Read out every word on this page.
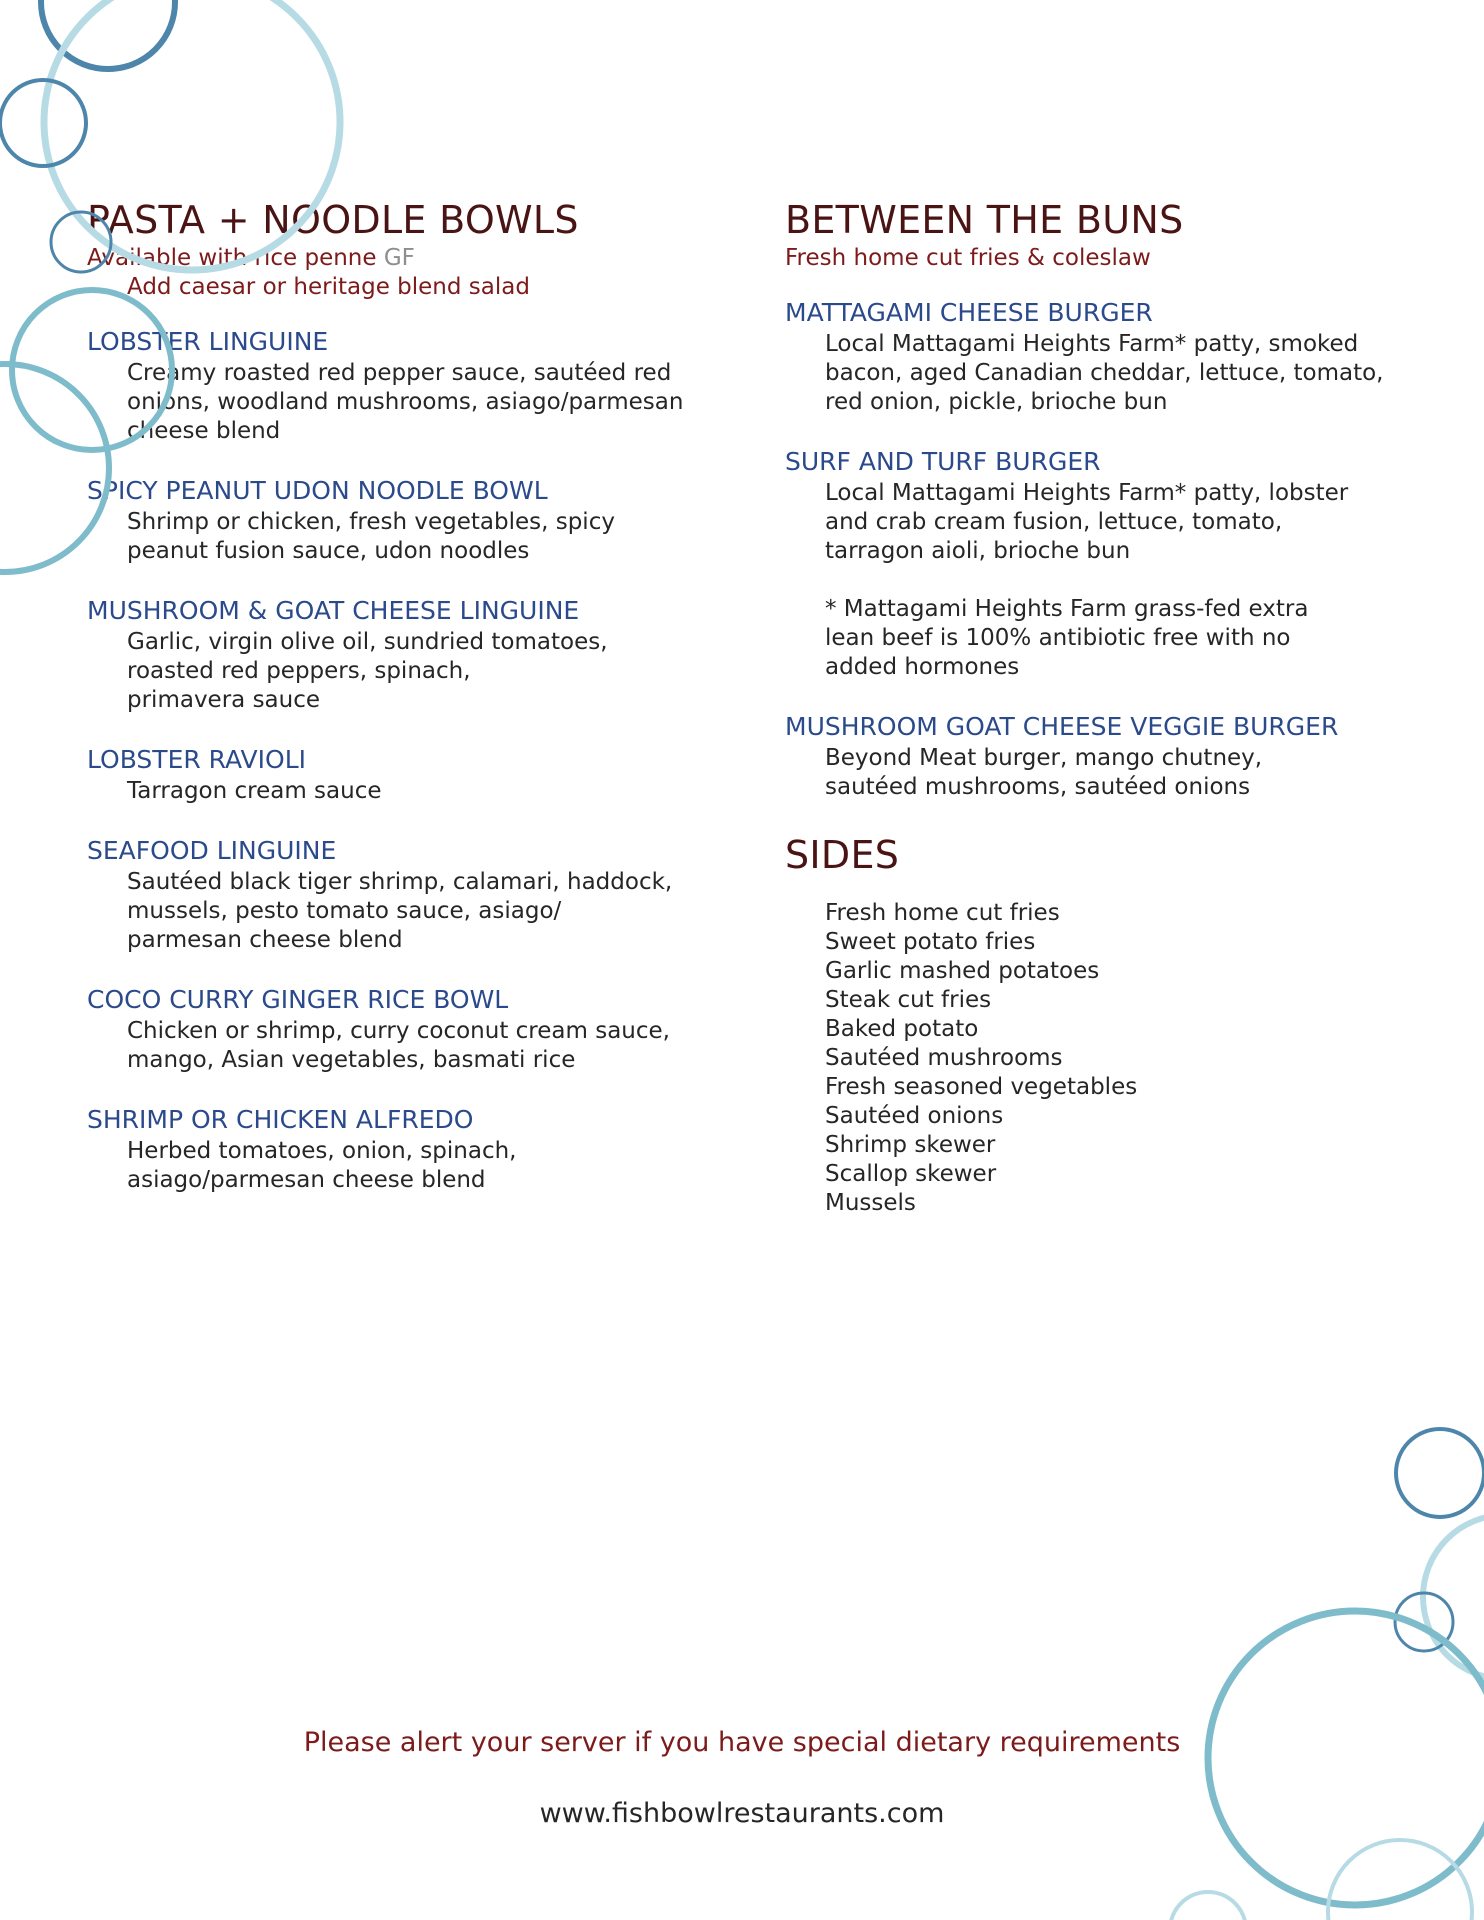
PASTA + NOODLE BOWLS

Available with rice penne GF

Add caesar or heritage blend salad

LOBSTER LINGUINE

Creamy roasted red pepper sauce, sautéed red
onions, woodland mushrooms, asiago/parmesan
cheese blend

SPICY PEANUT UDON NOODLE BOWL

Shrimp or chicken, fresh vegetables, spicy
peanut fusion sauce, udon noodles

MUSHROOM & GOAT CHEESE LINGUINE

Garlic, virgin olive oil, sundried tomatoes,
roasted red peppers, spinach,
primavera sauce

LOBSTER RAVIOLI

Tarragon cream sauce

SEAFOOD LINGUINE

Sautéed black tiger shrimp, calamari, haddock,
mussels, pesto tomato sauce, asiago/
parmesan cheese blend

COCO CURRY GINGER RICE BOWL

Chicken or shrimp, curry coconut cream sauce,
mango, Asian vegetables, basmati rice

SHRIMP OR CHICKEN ALFREDO

Herbed tomatoes, onion, spinach,
asiago/parmesan cheese blend
BETWEEN THE BUNS

Fresh home cut fries & coleslaw

MATTAGAMI CHEESE BURGER

Local Mattagami Heights Farm* patty, smoked
bacon, aged Canadian cheddar, lettuce, tomato,
red onion, pickle, brioche bun

SURF AND TURF BURGER

Local Mattagami Heights Farm* patty, lobster
and crab cream fusion, lettuce, tomato,
tarragon aioli, brioche bun
* Mattagami Heights Farm grass-fed extra
lean beef is 100% antibiotic free with no
added hormones

MUSHROOM GOAT CHEESE VEGGIE BURGER

Beyond Meat burger, mango chutney,
sautéed mushrooms, sautéed onions
SIDES
Fresh home cut fries
Sweet potato fries
Garlic mashed potatoes
Steak cut fries
Baked potato
Sautéed mushrooms
Fresh seasoned vegetables
Sautéed onions
Shrimp skewer
Scallop skewer
Mussels
Please alert your server if you have special dietary requirements
www.fishbowlrestaurants.com
